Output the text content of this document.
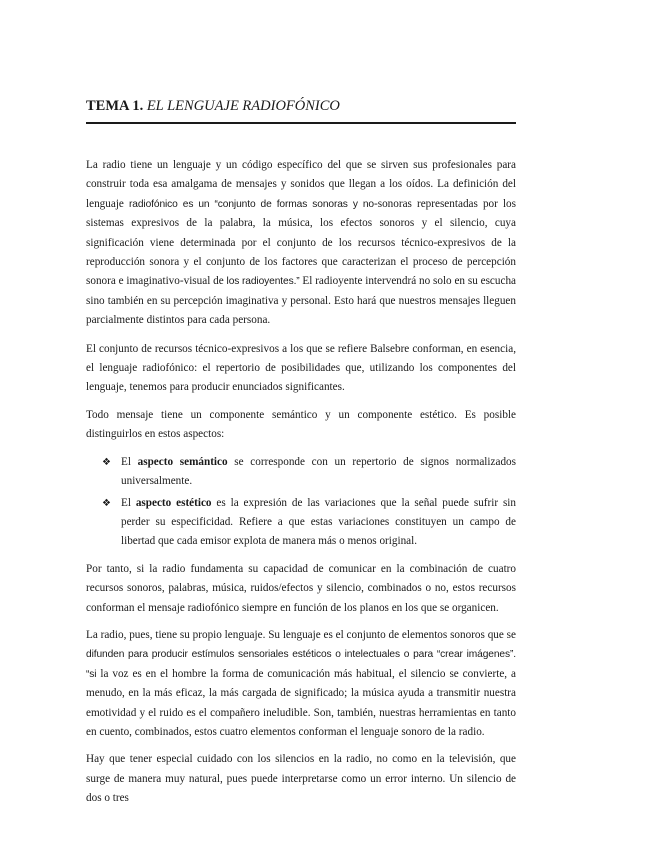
TEMA 1. EL LENGUAJE RADIOFÓNICO

La radio tiene un lenguaje y un código específico del que se sirven sus profesionales para construir toda esa amalgama de mensajes y sonidos que llegan a los oídos. La definición del lenguaje radiofónico es un “conjunto de formas sonoras y no-sonoras representadas por los sistemas expresivos de la palabra, la música, los efectos sonoros y el silencio, cuya significación viene determinada por el conjunto de los recursos técnico-expresivos de la reproducción sonora y el conjunto de los factores que caracterizan el proceso de percepción sonora e imaginativo-visual de los radioyentes.” El radioyente intervendrá no solo en su escucha sino también en su percepción imaginativa y personal. Esto hará que nuestros mensajes lleguen parcialmente distintos para cada persona.

El conjunto de recursos técnico-expresivos a los que se refiere Balsebre conforman, en esencia, el lenguaje radiofónico: el repertorio de posibilidades que, utilizando los componentes del lenguaje, tenemos para producir enunciados significantes.

Todo mensaje tiene un componente semántico y un componente estético. Es posible distinguirlos en estos aspectos:

❖ El aspecto semántico se corresponde con un repertorio de signos normalizados universalmente.
❖ El aspecto estético es la expresión de las variaciones que la señal puede sufrir sin perder su especificidad. Refiere a que estas variaciones constituyen un campo de libertad que cada emisor explota de manera más o menos original.

Por tanto, si la radio fundamenta su capacidad de comunicar en la combinación de cuatro recursos sonoros, palabras, música, ruidos/efectos y silencio, combinados o no, estos recursos conforman el mensaje radiofónico siempre en función de los planos en los que se organicen.

La radio, pues, tiene su propio lenguaje. Su lenguaje es el conjunto de elementos sonoros que se difunden para producir estímulos sensoriales estéticos o intelectuales o para “crear imágenes”. “si la voz es en el hombre la forma de comunicación más habitual, el silencio se convierte, a menudo, en la más eficaz, la más cargada de significado; la música ayuda a transmitir nuestra emotividad y el ruido es el compañero ineludible. Son, también, nuestras herramientas en tanto en cuento, combinados, estos cuatro elementos conforman el lenguaje sonoro de la radio.

Hay que tener especial cuidado con los silencios en la radio, no como en la televisión, que surge de manera muy natural, pues puede interpretarse como un error interno. Un silencio de dos o tres
